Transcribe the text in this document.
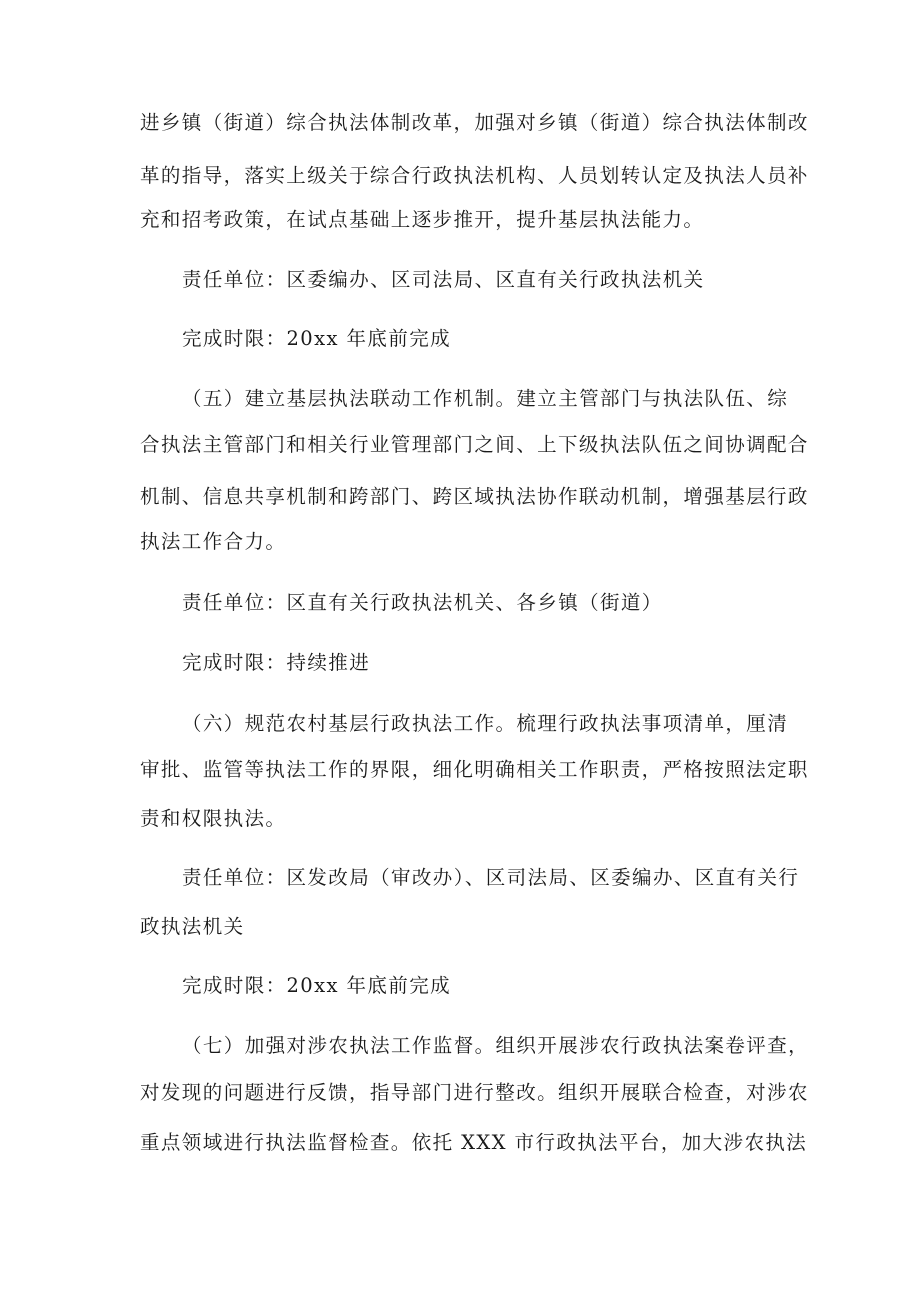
进乡镇（街道）综合执法体制改革，加强对乡镇（街道）综合执法体制改
革的指导，落实上级关于综合行政执法机构、人员划转认定及执法人员补
充和招考政策，在试点基础上逐步推开，提升基层执法能力。
责任单位：区委编办、区司法局、区直有关行政执法机关
完成时限：20xx 年底前完成
（五）建立基层执法联动工作机制。建立主管部门与执法队伍、综
合执法主管部门和相关行业管理部门之间、上下级执法队伍之间协调配合
机制、信息共享机制和跨部门、跨区域执法协作联动机制，增强基层行政
执法工作合力。
责任单位：区直有关行政执法机关、各乡镇（街道）
完成时限：持续推进
（六）规范农村基层行政执法工作。梳理行政执法事项清单，厘清
审批、监管等执法工作的界限，细化明确相关工作职责，严格按照法定职
责和权限执法。
责任单位：区发改局（审改办）、区司法局、区委编办、区直有关行
政执法机关
完成时限：20xx 年底前完成
（七）加强对涉农执法工作监督。组织开展涉农行政执法案卷评查，
对发现的问题进行反馈，指导部门进行整改。组织开展联合检查，对涉农
重点领域进行执法监督检查。依托 XXX 市行政执法平台，加大涉农执法
